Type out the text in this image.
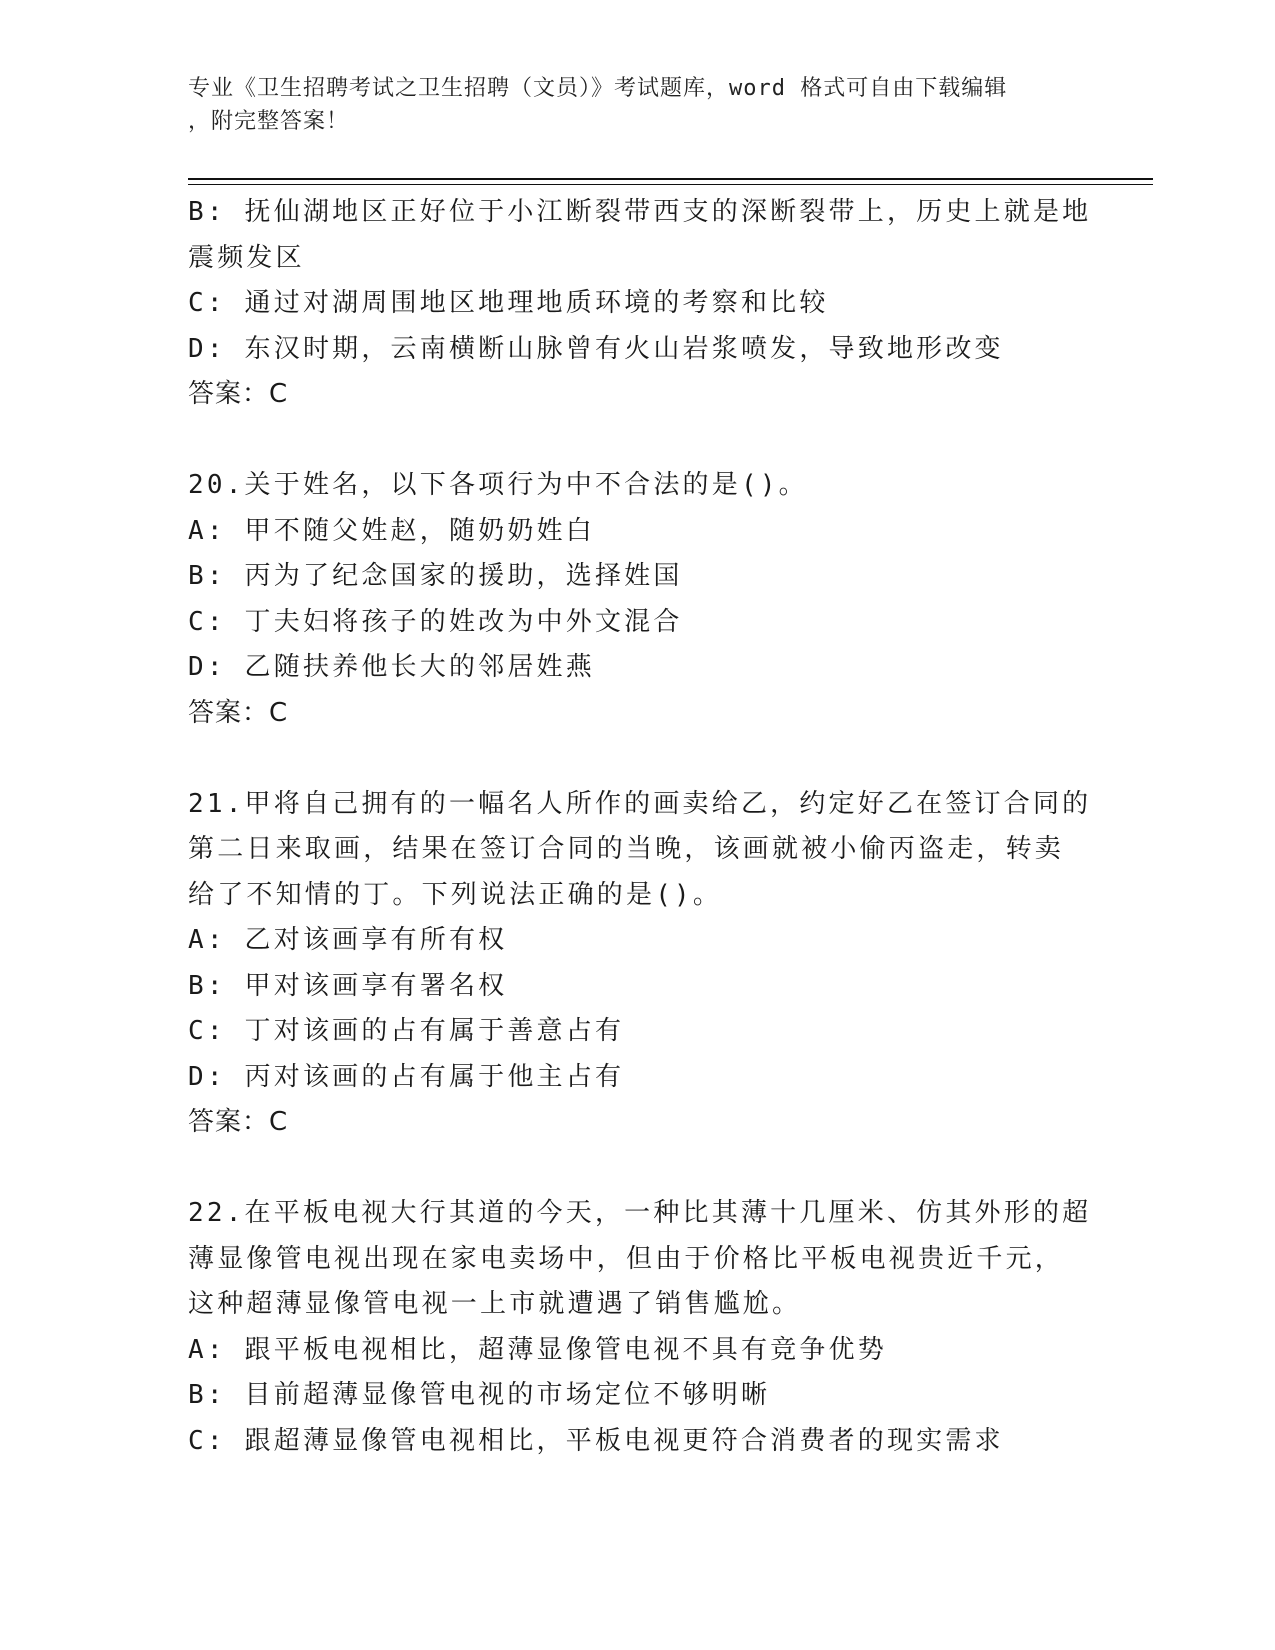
专业《卫生招聘考试之卫生招聘（文员）》考试题库，word 格式可自由下载编辑
，附完整答案！
B: 抚仙湖地区正好位于小江断裂带西支的深断裂带上，历史上就是地
震频发区
C: 通过对湖周围地区地理地质环境的考察和比较
D: 东汉时期，云南横断山脉曾有火山岩浆喷发，导致地形改变
答案：C
20.关于姓名，以下各项行为中不合法的是()。
A: 甲不随父姓赵，随奶奶姓白
B: 丙为了纪念国家的援助，选择姓国
C: 丁夫妇将孩子的姓改为中外文混合
D: 乙随扶养他长大的邻居姓燕
答案：C
21.甲将自己拥有的一幅名人所作的画卖给乙，约定好乙在签订合同的
第二日来取画，结果在签订合同的当晚，该画就被小偷丙盗走，转卖
给了不知情的丁。下列说法正确的是()。
A: 乙对该画享有所有权
B: 甲对该画享有署名权
C: 丁对该画的占有属于善意占有
D: 丙对该画的占有属于他主占有
答案：C
22.在平板电视大行其道的今天，一种比其薄十几厘米、仿其外形的超
薄显像管电视出现在家电卖场中，但由于价格比平板电视贵近千元，
这种超薄显像管电视一上市就遭遇了销售尴尬。
A: 跟平板电视相比，超薄显像管电视不具有竞争优势
B: 目前超薄显像管电视的市场定位不够明晰
C: 跟超薄显像管电视相比，平板电视更符合消费者的现实需求
